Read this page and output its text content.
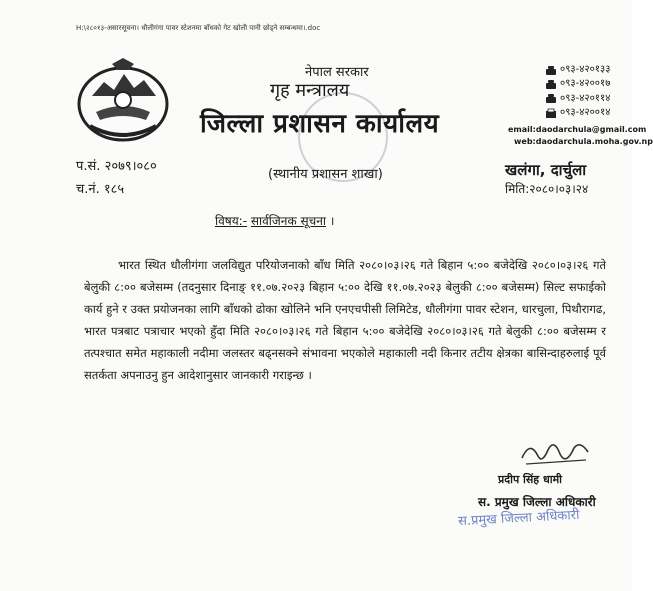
H:\२८०१३-असारसूचना। धौलीगंगा पावर स्टेशनमा बाँधको गेट खोली पानी छोड्ने सम्बन्धमा।.doc
नेपाल सरकार
गृह मन्त्रालय
जिल्ला प्रशासन कार्यालय
(स्थानीय प्रशासन शाखा)
०९३-४२०१३३
०९३-४२००१७
०९३-४२०११४
०९३-४२००१४
email:daodarchula@gmail.com
web:daodarchula.moha.gov.np
प.सं. २०७९।०८०
च.नं. १८५
खलंगा, दार्चुला
मिति:२०८०।०३।२४
विषय:- सार्वजिनक सूचना ।
भारत स्थित धौलीगंगा जलविद्युत परियोजनाको बाँध मिति २०८०।०३।२६ गते बिहान ५:०० बजेदेखि २०८०।०३।२६ गते बेलुकी ८:०० बजेसम्म (तदनुसार दिनाङ् ११.०७.२०२३ बिहान ५:०० देखि ११.०७.२०२३ बेलुकी ८:०० बजेसम्म) सिल्ट सफाईको कार्य हुने र उक्त प्रयोजनका लागि बाँधको ढोका खोलिने भनि एनएचपीसी लिमिटेड, धौलीगंगा पावर स्टेशन, धारचुला, पिथौरागढ, भारत पत्रबाट पत्राचार भएको हुँदा मिति २०८०।०३।२६ गते बिहान ५:०० बजेदेखि २०८०।०३।२६ गते बेलुकी ८:०० बजेसम्म र तत्पश्चात समेत महाकाली नदीमा जलस्तर बढ्नसक्ने संभावना भएकोले महाकाली नदी किनार तटीय क्षेत्रका बासिन्दाहरुलाई पूर्व सतर्कता अपनाउनु हुन आदेशानुसार जानकारी गराइन्छ ।
प्रदीप सिंह धामी
स. प्रमुख जिल्ला अधिकारी
स.प्रमुख जिल्ला अधिकारी
